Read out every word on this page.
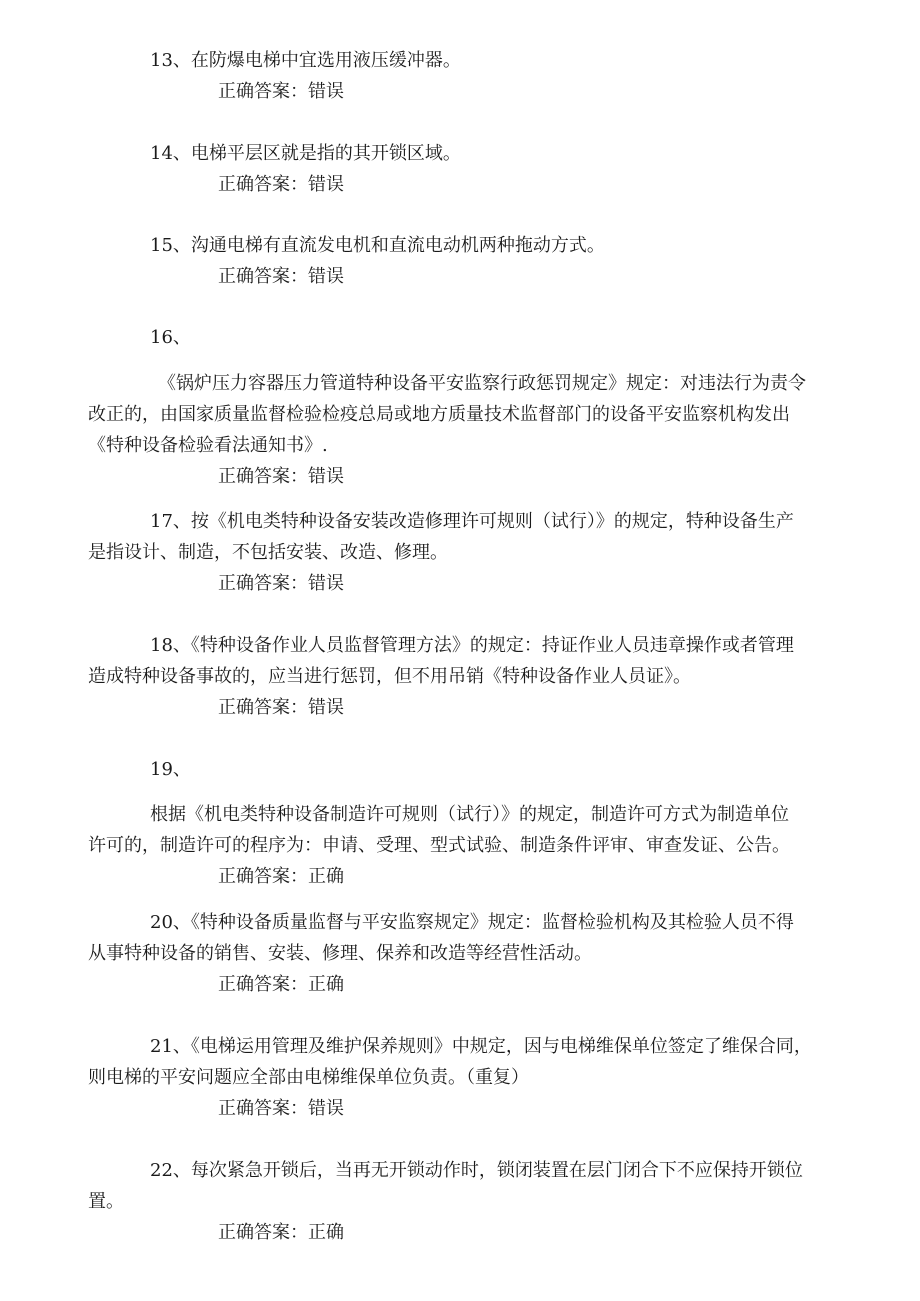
13、在防爆电梯中宜选用液压缓冲器。
正确答案：错误
14、电梯平层区就是指的其开锁区域。
正确答案：错误
15、沟通电梯有直流发电机和直流电动机两种拖动方式。
正确答案：错误
16、
《锅炉压力容器压力管道特种设备平安监察行政惩罚规定》规定：对违法行为责令
改正的，由国家质量监督检验检疫总局或地方质量技术监督部门的设备平安监察机构发出
《特种设备检验看法通知书》.
正确答案：错误
17、按《机电类特种设备安装改造修理许可规则（试行）》的规定，特种设备生产
是指设计、制造，不包括安装、改造、修理。
正确答案：错误
18、《特种设备作业人员监督管理方法》的规定：持证作业人员违章操作或者管理
造成特种设备事故的，应当进行惩罚，但不用吊销《特种设备作业人员证》。
正确答案：错误
19、
根据《机电类特种设备制造许可规则（试行）》的规定，制造许可方式为制造单位
许可的，制造许可的程序为：申请、受理、型式试验、制造条件评审、审查发证、公告。
正确答案：正确
20、《特种设备质量监督与平安监察规定》规定：监督检验机构及其检验人员不得
从事特种设备的销售、安装、修理、保养和改造等经营性活动。
正确答案：正确
21、《电梯运用管理及维护保养规则》中规定，因与电梯维保单位签定了维保合同，
则电梯的平安问题应全部由电梯维保单位负责。（重复）
正确答案：错误
22、每次紧急开锁后，当再无开锁动作时，锁闭装置在层门闭合下不应保持开锁位
置。
正确答案：正确
